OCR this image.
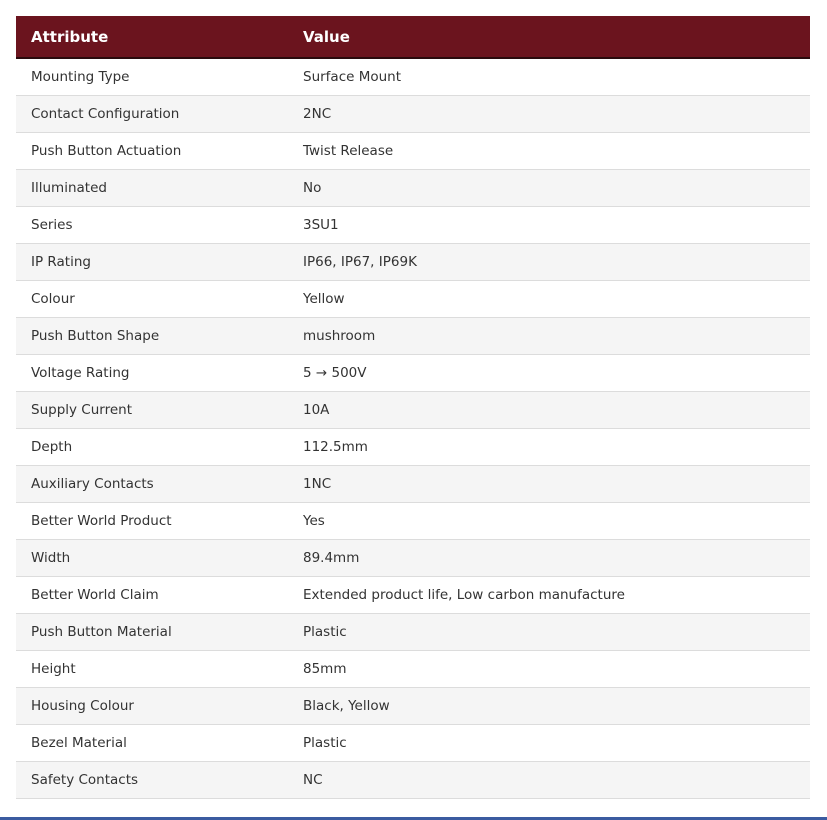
Attribute	Value
Mounting Type	Surface Mount
Contact Configuration	2NC
Push Button Actuation	Twist Release
Illuminated	No
Series	3SU1
IP Rating	IP66, IP67, IP69K
Colour	Yellow
Push Button Shape	mushroom
Voltage Rating	5 → 500V
Supply Current	10A
Depth	112.5mm
Auxiliary Contacts	1NC
Better World Product	Yes
Width	89.4mm
Better World Claim	Extended product life, Low carbon manufacture
Push Button Material	Plastic
Height	85mm
Housing Colour	Black, Yellow
Bezel Material	Plastic
Safety Contacts	NC
